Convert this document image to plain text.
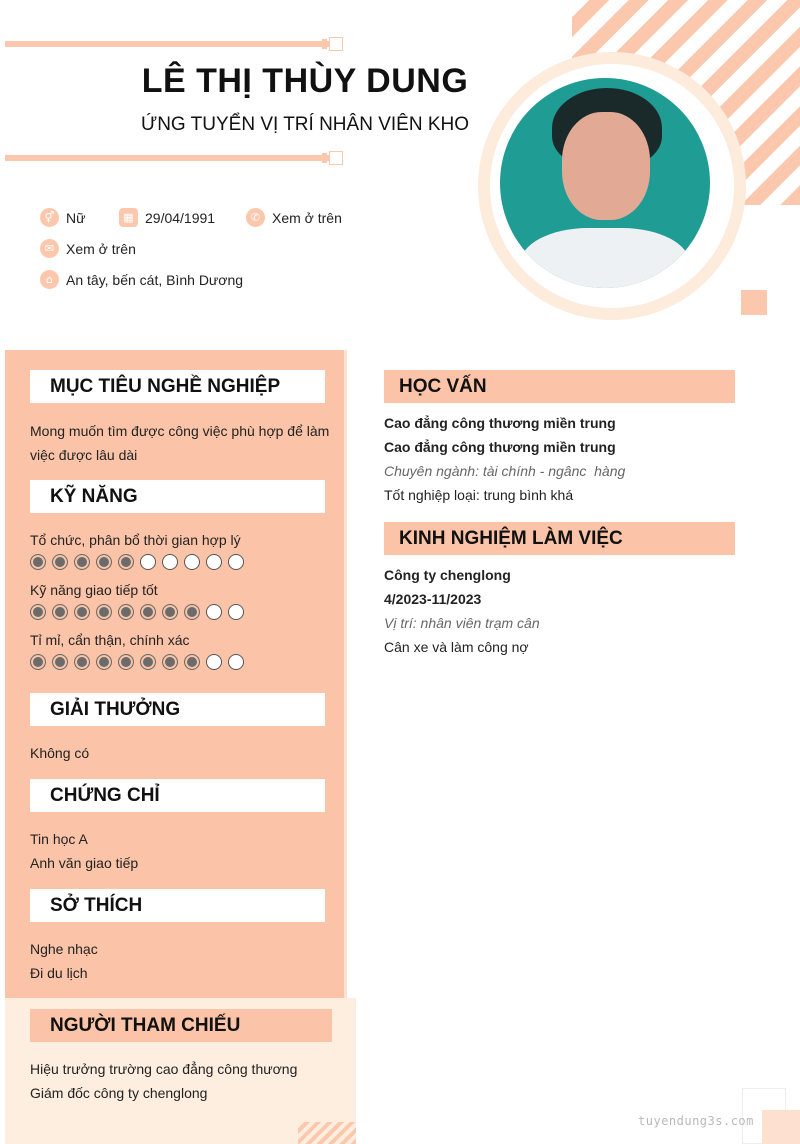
LÊ THỊ THÙY DUNG
ỨNG TUYỂN VỊ TRÍ NHÂN VIÊN KHO
⚥ Nữ	▦ 29/04/1991	✆ Xem ở trên
✉ Xem ở trên
⌂ An tây, bến cát, Bình Dương
MỤC TIÊU NGHỀ NGHIỆP
Mong muốn tìm được công việc phù hợp để làm
việc được lâu dài
KỸ NĂNG
Tổ chức, phân bổ thời gian hợp lý
Kỹ năng giao tiếp tốt
Tỉ mỉ, cẩn thận, chính xác
GIẢI THƯỞNG
Không có
CHỨNG CHỈ
Tin học A
Anh văn giao tiếp
SỞ THÍCH
Nghe nhạc
Đi du lịch
NGƯỜI THAM CHIẾU
Hiệu trưởng trường cao đẳng công thương
Giám đốc công ty chenglong
HỌC VẤN
Cao đẳng công thương miền trung
Cao đẳng công thương miền trung
Chuyên ngành: tài chính - ngânc  hàng
Tốt nghiệp loại: trung bình khá
KINH NGHIỆM LÀM VIỆC
Công ty chenglong
4/2023-11/2023
Vị trí: nhân viên trạm cân
Cân xe và làm công nợ
tuyendung3s.com
